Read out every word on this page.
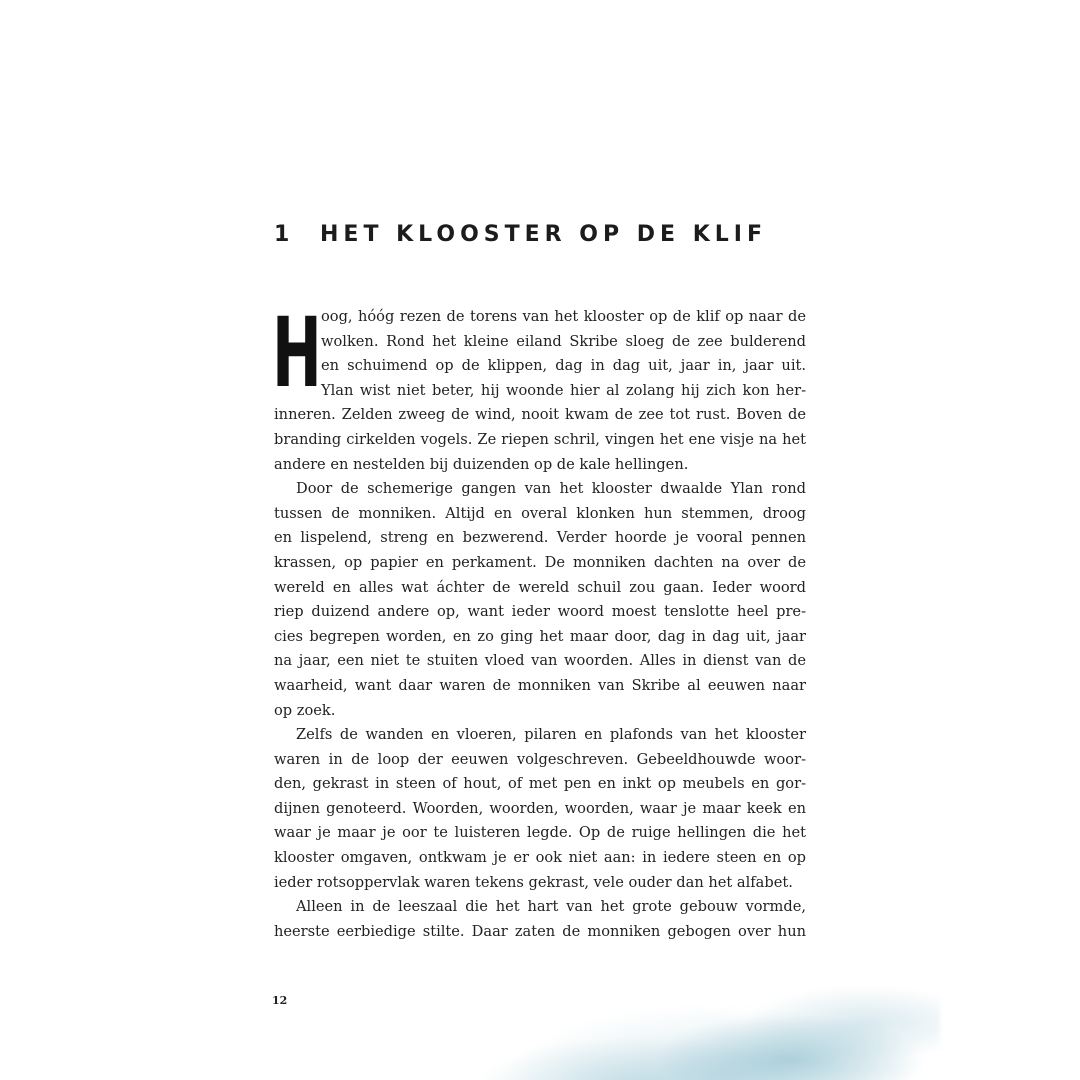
1 HET KLOOSTER OP DE KLIF
H oog, hóóg rezen de torens van het klooster op de klif op naar de
wolken. Rond het kleine eiland Skribe sloeg de zee bulderend
en schuimend op de klippen, dag in dag uit, jaar in, jaar uit.
Ylan wist niet beter, hij woonde hier al zolang hij zich kon her-
inneren. Zelden zweeg de wind, nooit kwam de zee tot rust. Boven de
branding cirkelden vogels. Ze riepen schril, vingen het ene visje na het
andere en nestelden bij duizenden op de kale hellingen.
Door de schemerige gangen van het klooster dwaalde Ylan rond
tussen de monniken. Altijd en overal klonken hun stemmen, droog
en lispelend, streng en bezwerend. Verder hoorde je vooral pennen
krassen, op papier en perkament. De monniken dachten na over de
wereld en alles wat áchter de wereld schuil zou gaan. Ieder woord
riep duizend andere op, want ieder woord moest tenslotte heel pre-
cies begrepen worden, en zo ging het maar door, dag in dag uit, jaar
na jaar, een niet te stuiten vloed van woorden. Alles in dienst van de
waarheid, want daar waren de monniken van Skribe al eeuwen naar
op zoek.
Zelfs de wanden en vloeren, pilaren en plafonds van het klooster
waren in de loop der eeuwen volgeschreven. Gebeeldhouwde woor-
den, gekrast in steen of hout, of met pen en inkt op meubels en gor-
dijnen genoteerd. Woorden, woorden, woorden, waar je maar keek en
waar je maar je oor te luisteren legde. Op de ruige hellingen die het
klooster omgaven, ontkwam je er ook niet aan: in iedere steen en op
ieder rotsoppervlak waren tekens gekrast, vele ouder dan het alfabet.
Alleen in de leeszaal die het hart van het grote gebouw vormde,
heerste eerbiedige stilte. Daar zaten de monniken gebogen over hun
12
